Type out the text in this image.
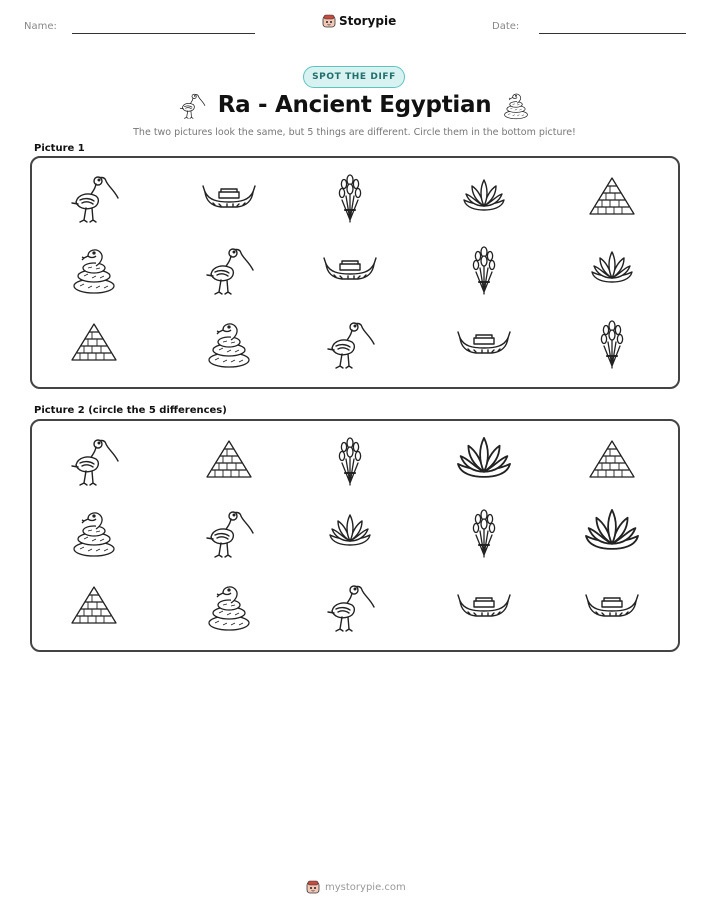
Name:	Storypie	Date:
SPOT THE DIFF
Ra - Ancient Egyptian
The two pictures look the same, but 5 things are different. Circle them in the bottom picture!
Picture 1
Picture 2 (circle the 5 differences)
mystorypie.com
